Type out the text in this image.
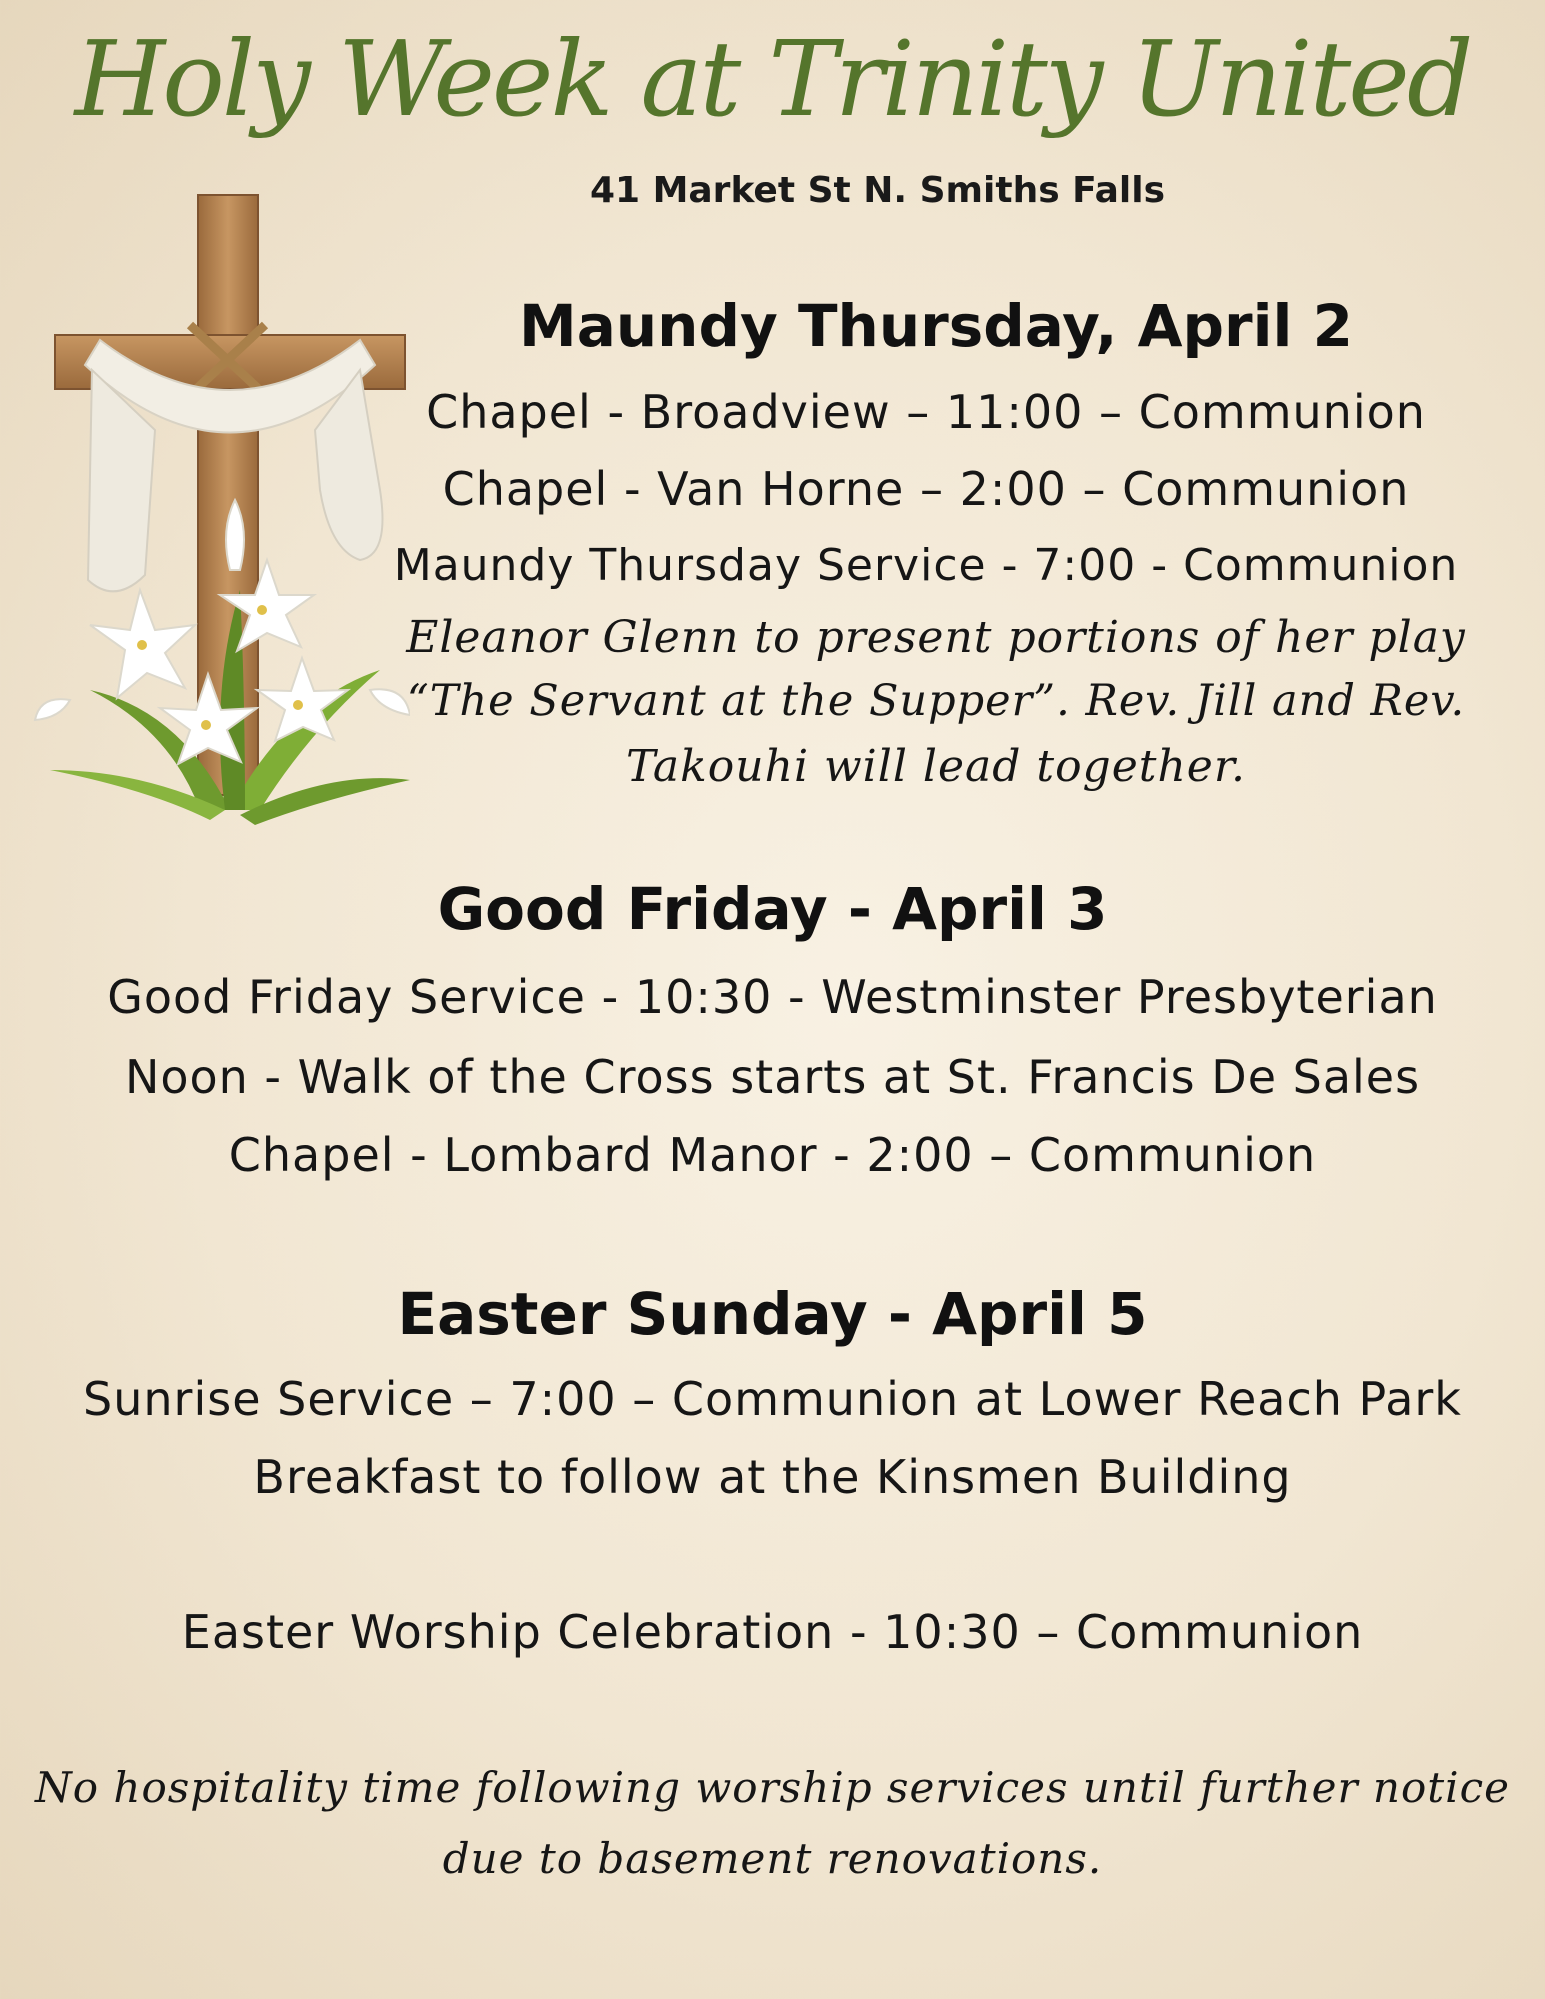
Holy Week at Trinity United
41 Market St N. Smiths Falls
Maundy Thursday, April 2
Chapel - Broadview – 11:00 – Communion
Chapel - Van Horne – 2:00 – Communion
Maundy Thursday Service - 7:00 - Communion
Eleanor Glenn to present portions of her play
“The Servant at the Supper”. Rev. Jill and Rev.
Takouhi will lead together.
Good Friday - April 3
Good Friday Service - 10:30 - Westminster Presbyterian
Noon - Walk of the Cross starts at St. Francis De Sales
Chapel - Lombard Manor - 2:00 – Communion
Easter Sunday - April 5
Sunrise Service – 7:00 – Communion at Lower Reach Park
Breakfast to follow at the Kinsmen Building
Easter Worship Celebration - 10:30 – Communion
No hospitality time following worship services until further notice
due to basement renovations.
